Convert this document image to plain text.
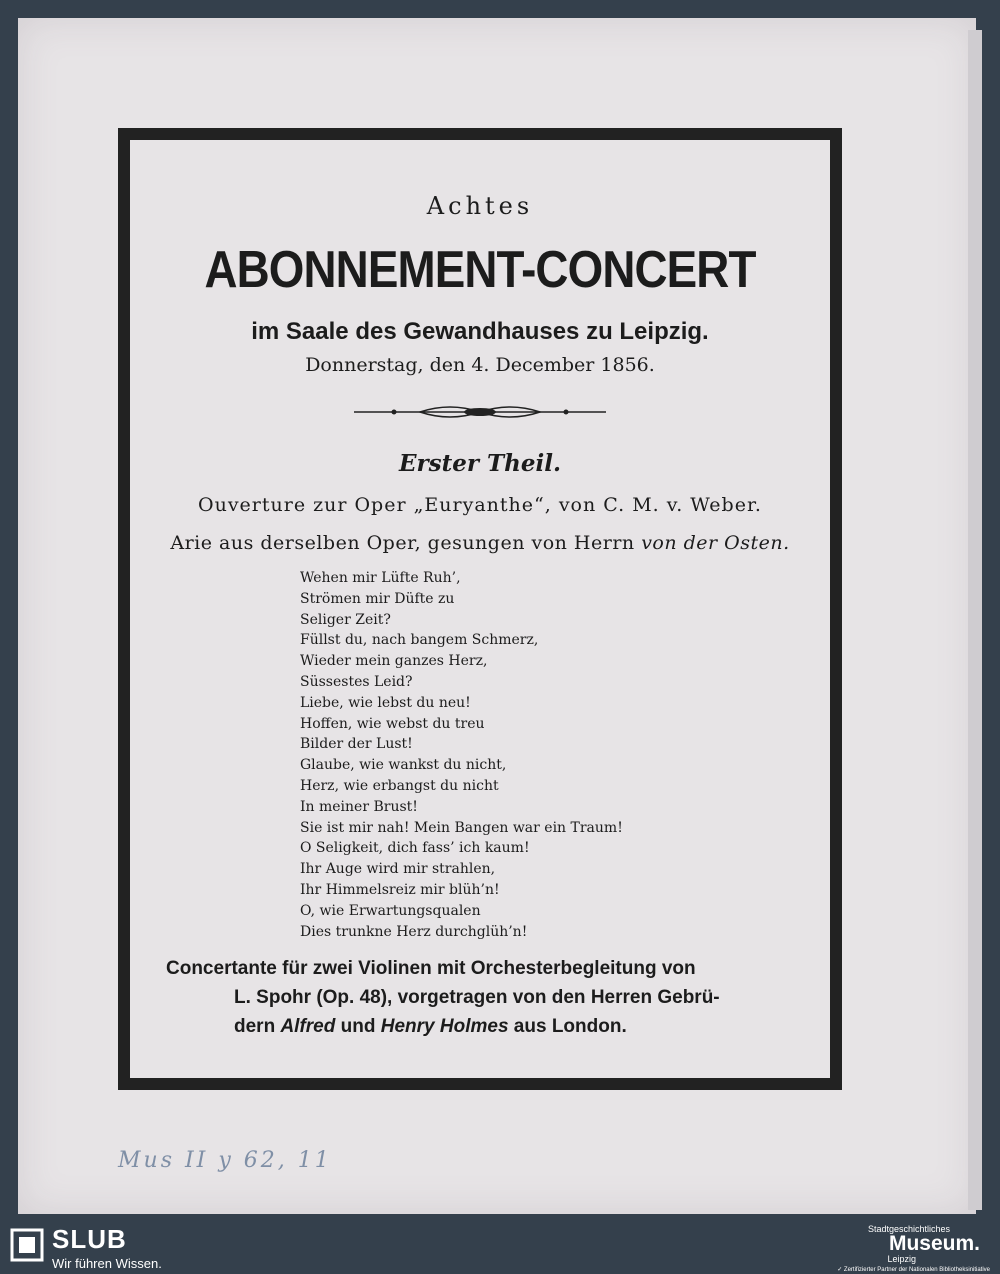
Achtes
ABONNEMENT-CONCERT
im Saale des Gewandhauses zu Leipzig.
Donnerstag, den 4. December 1856.
Erster Theil.
Ouverture zur Oper „Euryanthe“, von C. M. v. Weber.
Arie aus derselben Oper, gesungen von Herrn von der Osten.
Wehen mir Lüfte Ruh’,
Strömen mir Düfte zu
Seliger Zeit?
Füllst du, nach bangem Schmerz,
Wieder mein ganzes Herz,
Süssestes Leid?
Liebe, wie lebst du neu!
Hoffen, wie webst du treu
Bilder der Lust!
Glaube, wie wankst du nicht,
Herz, wie erbangst du nicht
In meiner Brust!
Sie ist mir nah! Mein Bangen war ein Traum!
O Seligkeit, dich fass’ ich kaum!
Ihr Auge wird mir strahlen,
Ihr Himmelsreiz mir blüh’n!
O, wie Erwartungsqualen
Dies trunkne Herz durchglüh’n!
Concertante für zwei Violinen mit Orchesterbegleitung von
L. Spohr (Op. 48), vorgetragen von den Herren Gebrü-
dern Alfred und Henry Holmes aus London.
Mus II y 62, 11
SLUB
Wir führen Wissen.
Stadtgeschichtliches
Museum.
Leipzig
✓ Zertifizierter Partner der Nationalen Bibliotheksinitiative
